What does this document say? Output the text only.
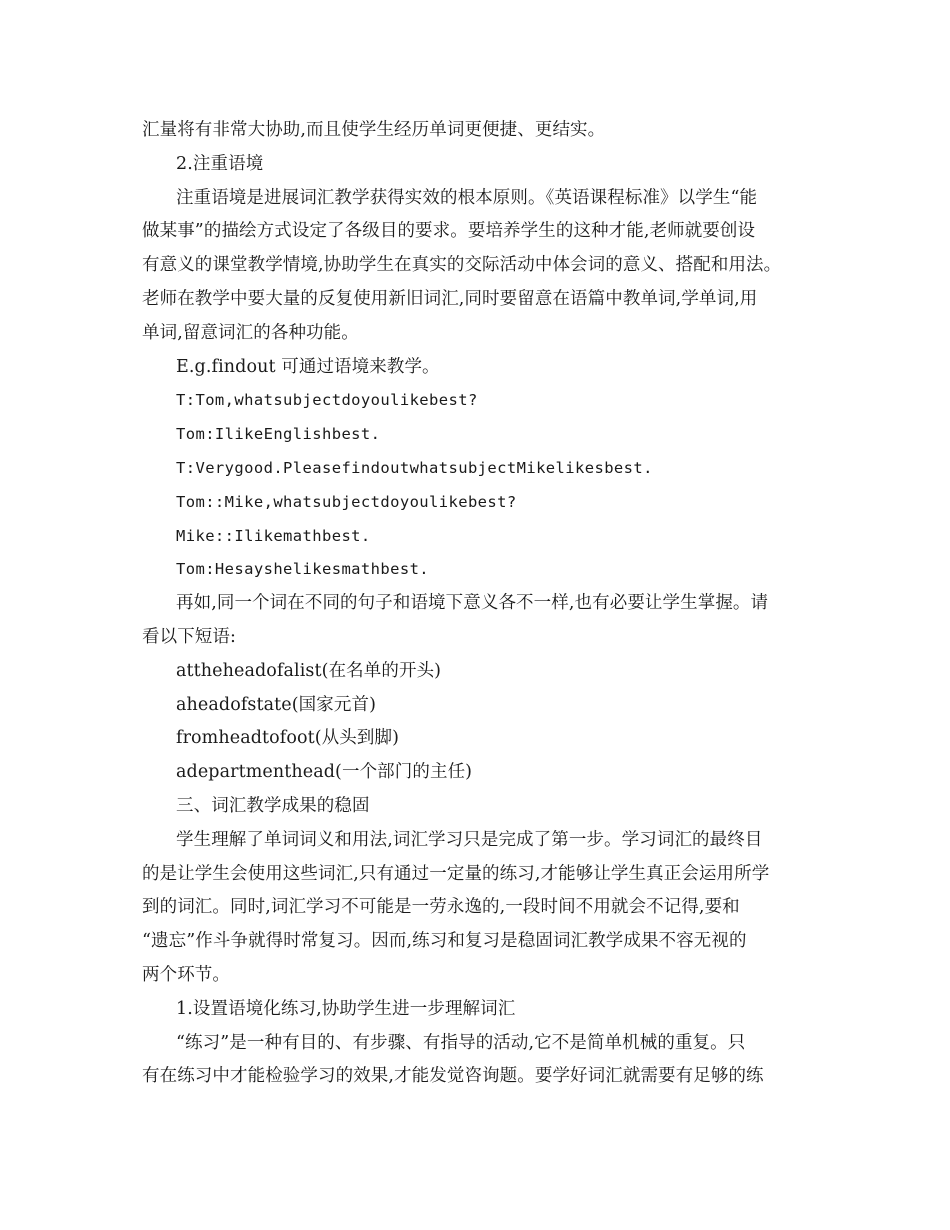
汇量将有非常大协助,而且使学生经历单词更便捷、更结实。
2.注重语境
注重语境是进展词汇教学获得实效的根本原则。《英语课程标准》以学生“能
做某事”的描绘方式设定了各级目的要求。要培养学生的这种才能,老师就要创设
有意义的课堂教学情境,协助学生在真实的交际活动中体会词的意义、搭配和用法。
老师在教学中要大量的反复使用新旧词汇,同时要留意在语篇中教单词,学单词,用
单词,留意词汇的各种功能。
E.g.findout 可通过语境来教学。
T:Tom,whatsubjectdoyoulikebest?
Tom:IlikeEnglishbest.
T:Verygood.PleasefindoutwhatsubjectMikelikesbest.
Tom::Mike,whatsubjectdoyoulikebest?
Mike::Ilikemathbest.
Tom:Hesayshelikesmathbest.
再如,同一个词在不同的句子和语境下意义各不一样,也有必要让学生掌握。请
看以下短语:
attheheadofalist(在名单的开头)
aheadofstate(国家元首)
fromheadtofoot(从头到脚)
adepartmenthead(一个部门的主任)
三、词汇教学成果的稳固
学生理解了单词词义和用法,词汇学习只是完成了第一步。学习词汇的最终目
的是让学生会使用这些词汇,只有通过一定量的练习,才能够让学生真正会运用所学
到的词汇。同时,词汇学习不可能是一劳永逸的,一段时间不用就会不记得,要和
“遗忘”作斗争就得时常复习。因而,练习和复习是稳固词汇教学成果不容无视的
两个环节。
1.设置语境化练习,协助学生进一步理解词汇
“练习”是一种有目的、有步骤、有指导的活动,它不是简单机械的重复。只
有在练习中才能检验学习的效果,才能发觉咨询题。要学好词汇就需要有足够的练
